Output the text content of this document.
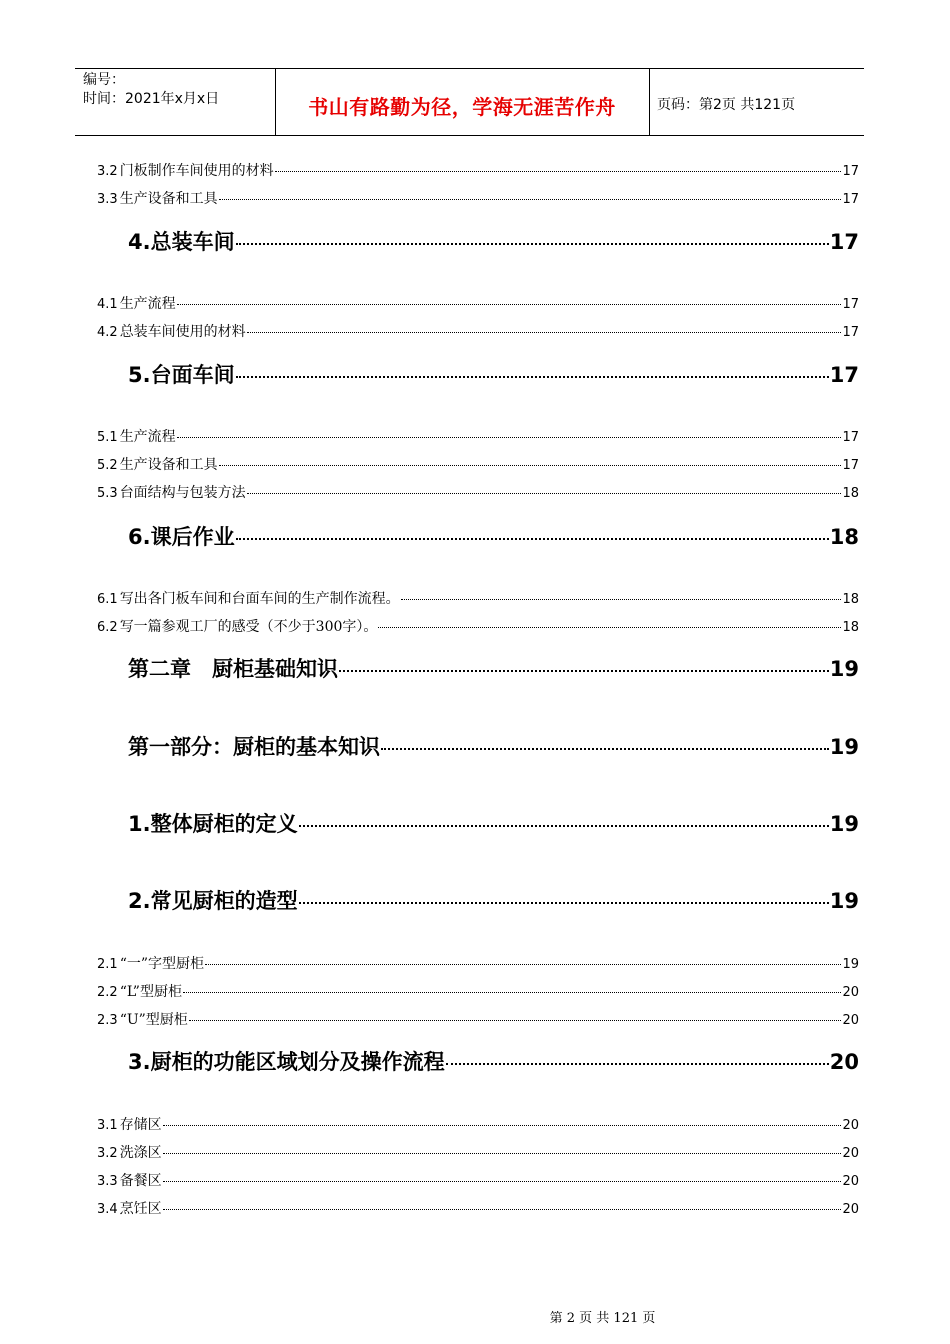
编号：
时间：2021年x月x日	书山有路勤为径，学海无涯苦作舟	页码：第2页 共121页
3.2 门板制作车间使用的材料	17
3.3 生产设备和工具	17
4.总装车间	17
4.1 生产流程	17
4.2 总装车间使用的材料	17
5.台面车间	17
5.1 生产流程	17
5.2 生产设备和工具	17
5.3 台面结构与包装方法	18
6.课后作业	18
6.1 写出各门板车间和台面车间的生产制作流程。	18
6.2 写一篇参观工厂的感受（不少于300字）。	18
第二章　厨柜基础知识	19
第一部分：厨柜的基本知识	19
1.整体厨柜的定义	19
2.常见厨柜的造型	19
2.1 “一”字型厨柜	19
2.2 “L”型厨柜	20
2.3 “U”型厨柜	20
3.厨柜的功能区域划分及操作流程	20
3.1 存储区	20
3.2 洗涤区	20
3.3 备餐区	20
3.4 烹饪区	20
第 2 页 共 121 页
